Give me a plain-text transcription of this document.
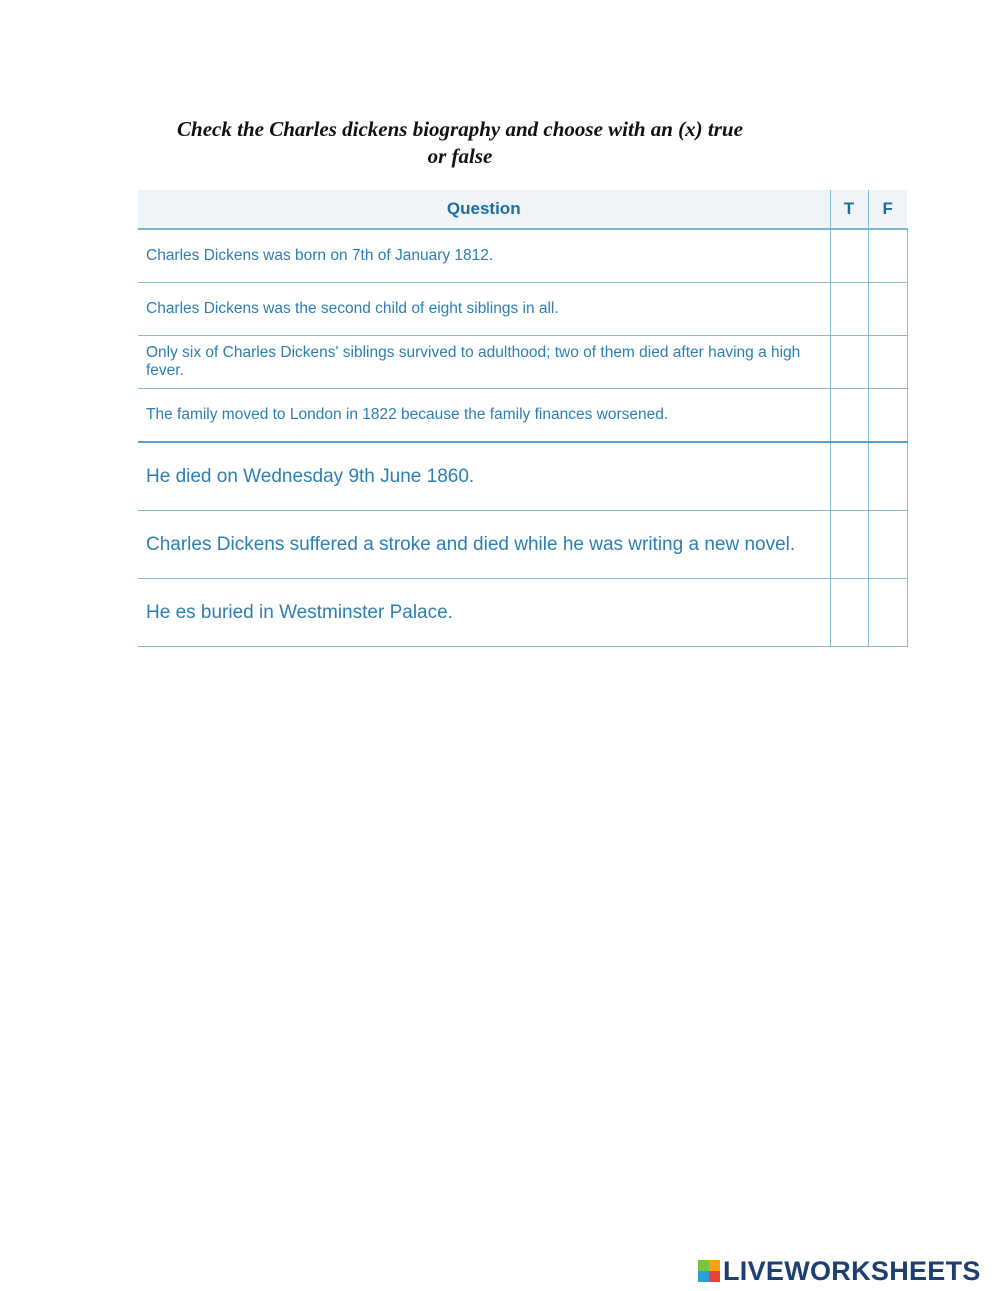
Check the Charles dickens biography and choose with an (x) true
or false
Question	T	F
Charles Dickens was born on 7th of January 1812.		
Charles Dickens was the second child of eight siblings in all.		
Only six of Charles Dickens' siblings survived to adulthood; two of them died after having a high fever.		
The family moved to London in 1822 because the family finances worsened.		
He died on Wednesday 9th June 1860.		
Charles Dickens suffered a stroke and died while he was writing a new novel.		
He es buried in Westminster Palace.		
LIVEWORKSHEETS
